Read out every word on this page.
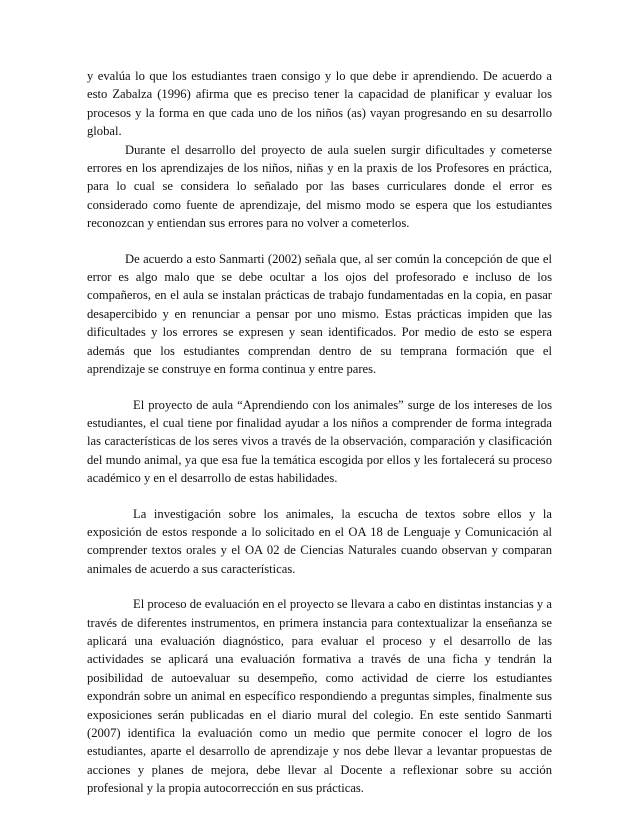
y evalúa lo que los estudiantes traen consigo y lo que debe ir aprendiendo. De acuerdo a esto Zabalza (1996) afirma que es preciso tener la capacidad de planificar y evaluar los procesos y la forma en que cada uno de los niños (as) vayan progresando en su desarrollo global.

Durante el desarrollo del proyecto de aula suelen surgir dificultades y cometerse errores en los aprendizajes de los niños, niñas y en la praxis de los Profesores en práctica, para lo cual se considera lo señalado por las bases curriculares donde el error es considerado como fuente de aprendizaje, del mismo modo se espera que los estudiantes reconozcan y entiendan sus errores para no volver a cometerlos.

De acuerdo a esto Sanmarti (2002) señala que, al ser común la concepción de que el error es algo malo que se debe ocultar a los ojos del profesorado e incluso de los compañeros, en el aula se instalan prácticas de trabajo fundamentadas en la copia, en pasar desapercibido y en renunciar a pensar por uno mismo. Estas prácticas impiden que las dificultades y los errores se expresen y sean identificados. Por medio de esto se espera además que los estudiantes comprendan dentro de su temprana formación que el aprendizaje se construye en forma continua y entre pares.

El proyecto de aula “Aprendiendo con los animales” surge de los intereses de los estudiantes, el cual tiene por finalidad ayudar a los niños a comprender de forma integrada las características de los seres vivos a través de la observación, comparación y clasificación del mundo animal, ya que esa fue la temática escogida por ellos y les fortalecerá su proceso académico y en el desarrollo de estas habilidades.

La investigación sobre los animales, la escucha de textos sobre ellos y la exposición de estos responde a lo solicitado en el OA 18 de Lenguaje y Comunicación al comprender textos orales y el OA 02 de Ciencias Naturales cuando observan y comparan animales de acuerdo a sus características.

El proceso de evaluación en el proyecto se llevara a cabo en distintas instancias y a través de diferentes instrumentos, en primera instancia para contextualizar la enseñanza se aplicará una evaluación diagnóstico, para evaluar el proceso y el desarrollo de las actividades se aplicará una evaluación formativa a través de una ficha y tendrán la posibilidad de autoevaluar su desempeño, como actividad de cierre los estudiantes expondrán sobre un animal en específico respondiendo a preguntas simples, finalmente sus exposiciones serán publicadas en el diario mural del colegio. En este sentido Sanmarti (2007) identifica la evaluación como un medio que permite conocer el logro de los estudiantes, aparte el desarrollo de aprendizaje y nos debe llevar a levantar propuestas de acciones y planes de mejora, debe llevar al Docente a reflexionar sobre su acción profesional y la propia autocorrección en sus prácticas.
